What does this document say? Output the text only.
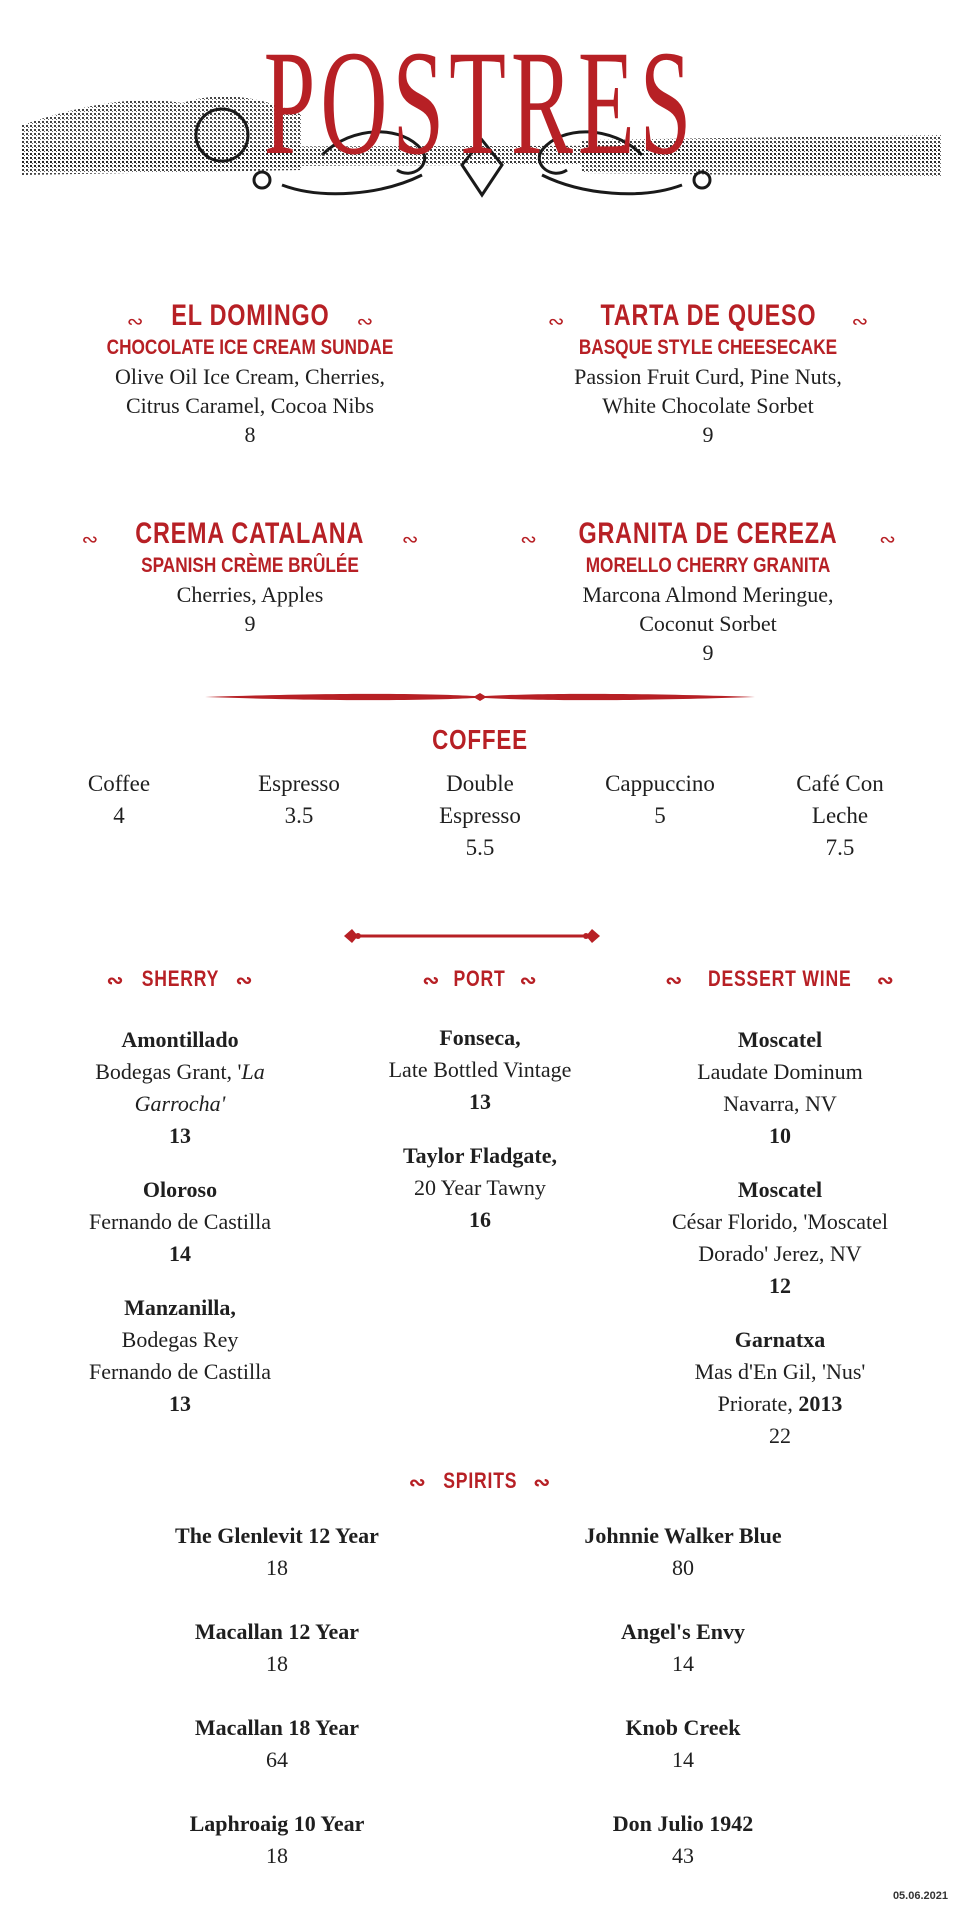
POSTRES
∾ EL DOMINGO ∾
CHOCOLATE ICE CREAM SUNDAE
Olive Oil Ice Cream, Cherries,
Citrus Caramel, Cocoa Nibs
8
∾ TARTA DE QUESO ∾
BASQUE STYLE CHEESECAKE
Passion Fruit Curd, Pine Nuts,
White Chocolate Sorbet
9
∾ CREMA CATALANA ∾
SPANISH CRÈME BRÛLÉE
Cherries, Apples
9
∾ GRANITA DE CEREZA ∾
MORELLO CHERRY GRANITA
Marcona Almond Meringue,
Coconut Sorbet
9
COFFEE
Coffee
4
Espresso
3.5
Double
Espresso
5.5
Cappuccino
5
Café Con
Leche
7.5
∾ SHERRY ∾	∾ PORT ∾	∾ DESSERT WINE ∾
Amontillado
Bodegas Grant, 'La
Garrocha'
13
Oloroso
Fernando de Castilla
14
Manzanilla,
Bodegas Rey
Fernando de Castilla
13
Fonseca,
Late Bottled Vintage
13
Taylor Fladgate,
20 Year Tawny
16
Moscatel
Laudate Dominum
Navarra, NV
10
Moscatel
César Florido, 'Moscatel
Dorado' Jerez, NV
12
Garnatxa
Mas d'En Gil, 'Nus'
Priorate, 2013
22
∾ SPIRITS ∾
The Glenlevit 12 Year
18
Macallan 12 Year
18
Macallan 18 Year
64
Laphroaig 10 Year
18
Johnnie Walker Blue
80
Angel's Envy
14
Knob Creek
14
Don Julio 1942
43
05.06.2021
